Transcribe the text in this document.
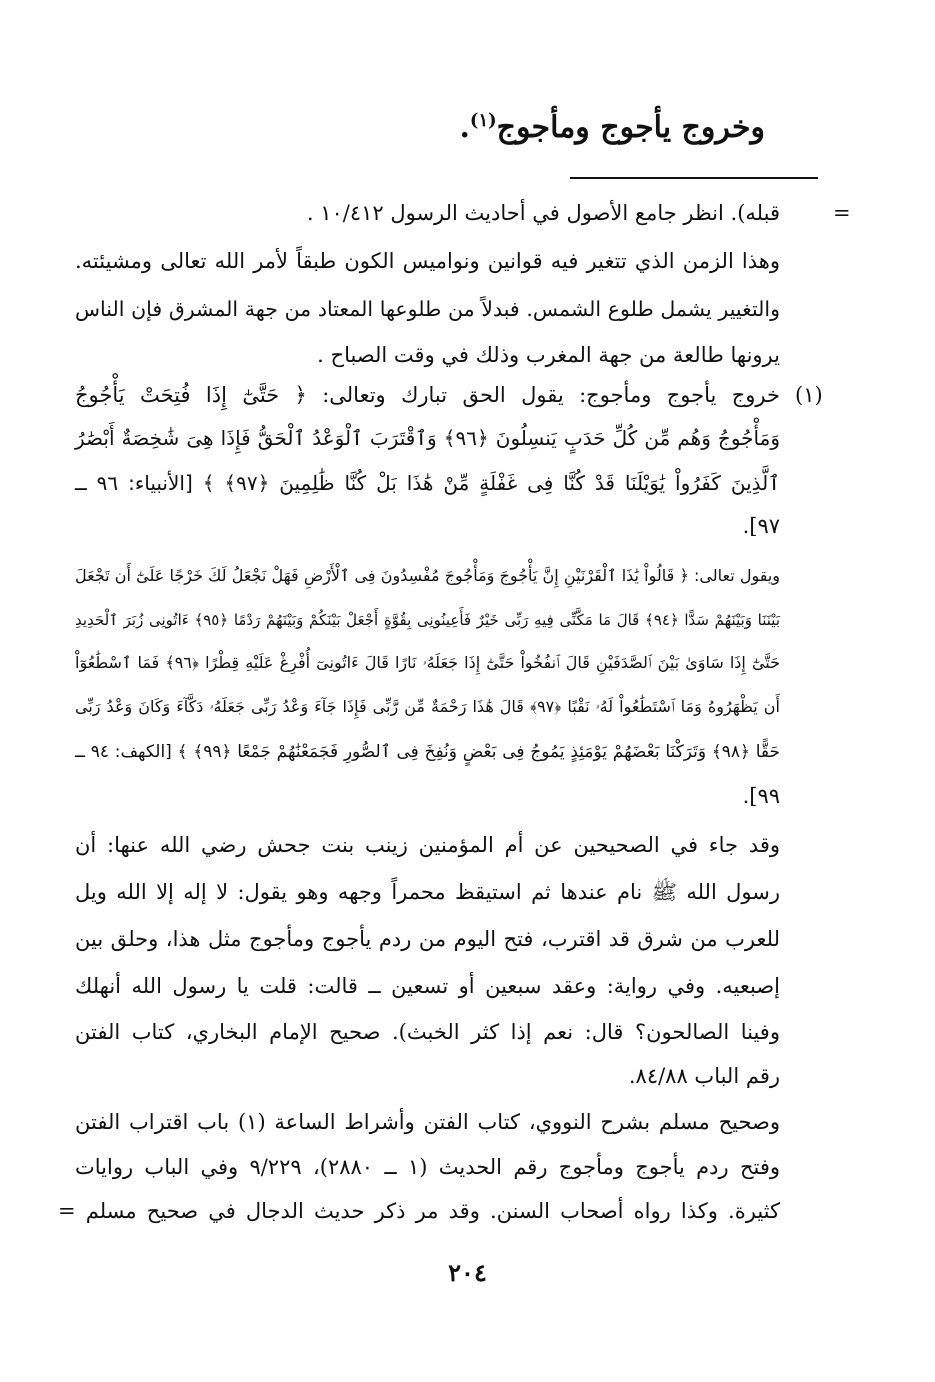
وخروج يأجوج ومأجوج$^{(١)}$.
=
قبله). انظر جامع الأصول في أحاديث الرسول ١٠/٤١٢ .
وهذا الزمن الذي تتغير فيه قوانين ونواميس الكون طبقاً لأمر الله تعالى ومشيئته.
والتغيير يشمل طلوع الشمس. فبدلاً من طلوعها المعتاد من جهة المشرق فإن الناس
يرونها طالعة من جهة المغرب وذلك في وقت الصباح .
(١)
خروج يأجوج ومأجوج: يقول الحق تبارك وتعالى: ﴿ حَتَّىٰٓ إِذَا فُتِحَتْ يَأْجُوجُ
وَمَأْجُوجُ وَهُم مِّن كُلِّ حَدَبٍ يَنسِلُونَ ﴿٩٦﴾ وَٱقْتَرَبَ ٱلْوَعْدُ ٱلْحَقُّ فَإِذَا هِىَ شَٰخِصَةٌ أَبْصَٰرُ
ٱلَّذِينَ كَفَرُواْ يَٰوَيْلَنَا قَدْ كُنَّا فِى غَفْلَةٍ مِّنْ هَٰذَا بَلْ كُنَّا ظَٰلِمِينَ ﴿٩٧﴾ ﴾ [الأنبياء: ٩٦ ــ
٩٧].
ويقول تعالى: ﴿ قَالُواْ يَٰذَا ٱلْقَرْنَيْنِ إِنَّ يَأْجُوجَ وَمَأْجُوجَ مُفْسِدُونَ فِى ٱلْأَرْضِ فَهَلْ نَجْعَلُ لَكَ خَرْجًا عَلَىٰٓ أَن تَجْعَلَ
بَيْنَنَا وَبَيْنَهُمْ سَدًّا ﴿٩٤﴾ قَالَ مَا مَكَّنِّى فِيهِ رَبِّى خَيْرٌ فَأَعِينُونِى بِقُوَّةٍ أَجْعَلْ بَيْنَكُمْ وَبَيْنَهُمْ رَدْمًا ﴿٩٥﴾ ءَاتُونِى زُبَرَ ٱلْحَدِيدِ
حَتَّىٰٓ إِذَا سَاوَىٰ بَيْنَ ٱلصَّدَفَيْنِ قَالَ ٱنفُخُواْ حَتَّىٰٓ إِذَا جَعَلَهُۥ نَارًا قَالَ ءَاتُونِىٓ أُفْرِغْ عَلَيْهِ قِطْرًا ﴿٩٦﴾ فَمَا ٱسْطَٰعُوٓاْ
أَن يَظْهَرُوهُ وَمَا ٱسْتَطَٰعُواْ لَهُۥ نَقْبًا ﴿٩٧﴾ قَالَ هَٰذَا رَحْمَةٌ مِّن رَّبِّى فَإِذَا جَآءَ وَعْدُ رَبِّى جَعَلَهُۥ دَكَّآءَ وَكَانَ وَعْدُ رَبِّى
حَقًّا ﴿٩٨﴾ وَتَرَكْنَا بَعْضَهُمْ يَوْمَئِذٍ يَمُوجُ فِى بَعْضٍ وَنُفِخَ فِى ٱلصُّورِ فَجَمَعْنَٰهُمْ جَمْعًا ﴿٩٩﴾ ﴾ [الكهف: ٩٤ ــ
٩٩].
وقد جاء في الصحيحين عن أم المؤمنين زينب بنت جحش رضي الله عنها: أن
رسول الله ﷺ نام عندها ثم استيقظ محمراً وجهه وهو يقول: لا إله إلا الله ويل
للعرب من شرق قد اقترب، فتح اليوم من ردم يأجوج ومأجوج مثل هذا، وحلق بين
إصبعيه. وفي رواية: وعقد سبعين أو تسعين ــ قالت: قلت يا رسول الله أنهلك
وفينا الصالحون؟ قال: نعم إذا كثر الخبث). صحيح الإمام البخاري، كتاب الفتن
رقم الباب ٨٤/٨٨.
وصحيح مسلم بشرح النووي، كتاب الفتن وأشراط الساعة (١) باب اقتراب الفتن
وفتح ردم يأجوج ومأجوج رقم الحديث (١ ــ ٢٨٨٠)، ٩/٢٢٩ وفي الباب روايات
كثيرة. وكذا رواه أصحاب السنن. وقد مر ذكر حديث الدجال في صحيح مسلم =
٢٠٤
